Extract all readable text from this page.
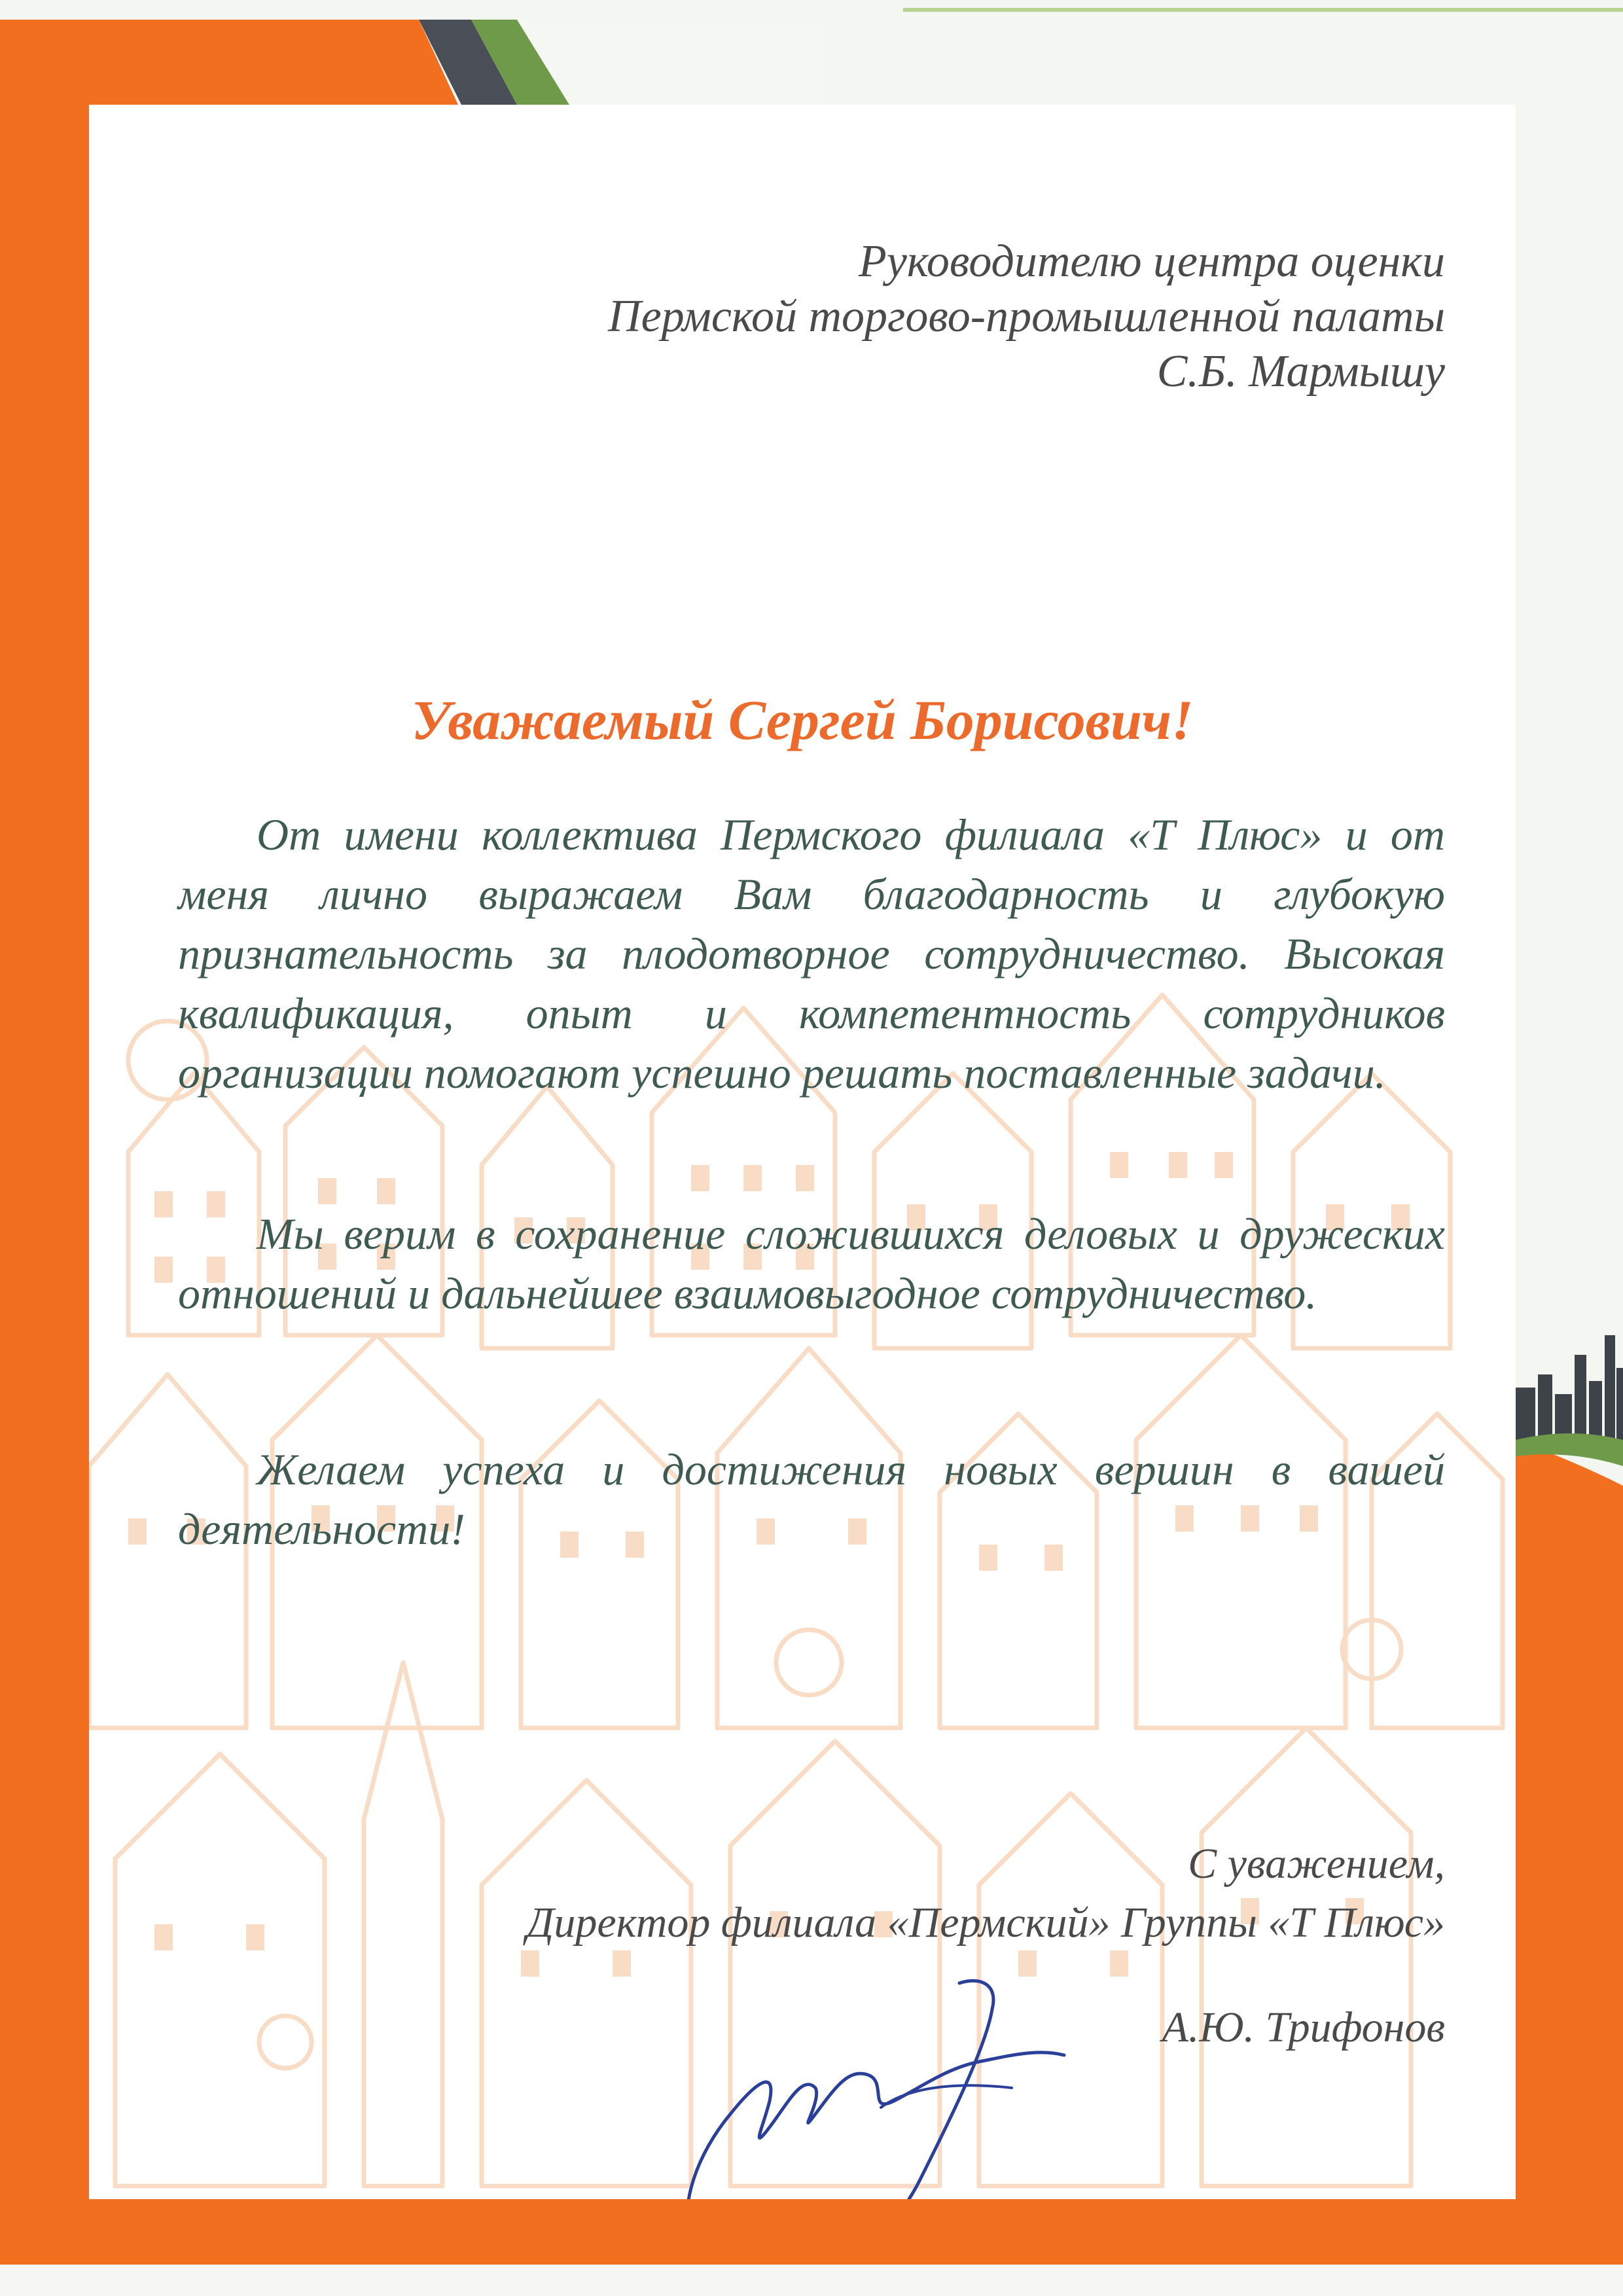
Руководителю центра оценки
Пермской торгово-промышленной палаты
С.Б. Мармышу
Уважаемый Сергей Борисович!
От имени коллектива Пермского филиала «Т Плюс» и от меня лично выражаем Вам благодарность и глубокую признательность за плодотворное сотрудничество. Высокая квалификация, опыт и компетентность сотрудников организации помогают успешно решать поставленные задачи.
Мы верим в сохранение сложившихся деловых и дружеских отношений и дальнейшее взаимовыгодное сотрудничество.
Желаем успеха и достижения новых вершин в вашей деятельности!
С уважением,
Директор филиала «Пермский» Группы «Т Плюс»
А.Ю. Трифонов
